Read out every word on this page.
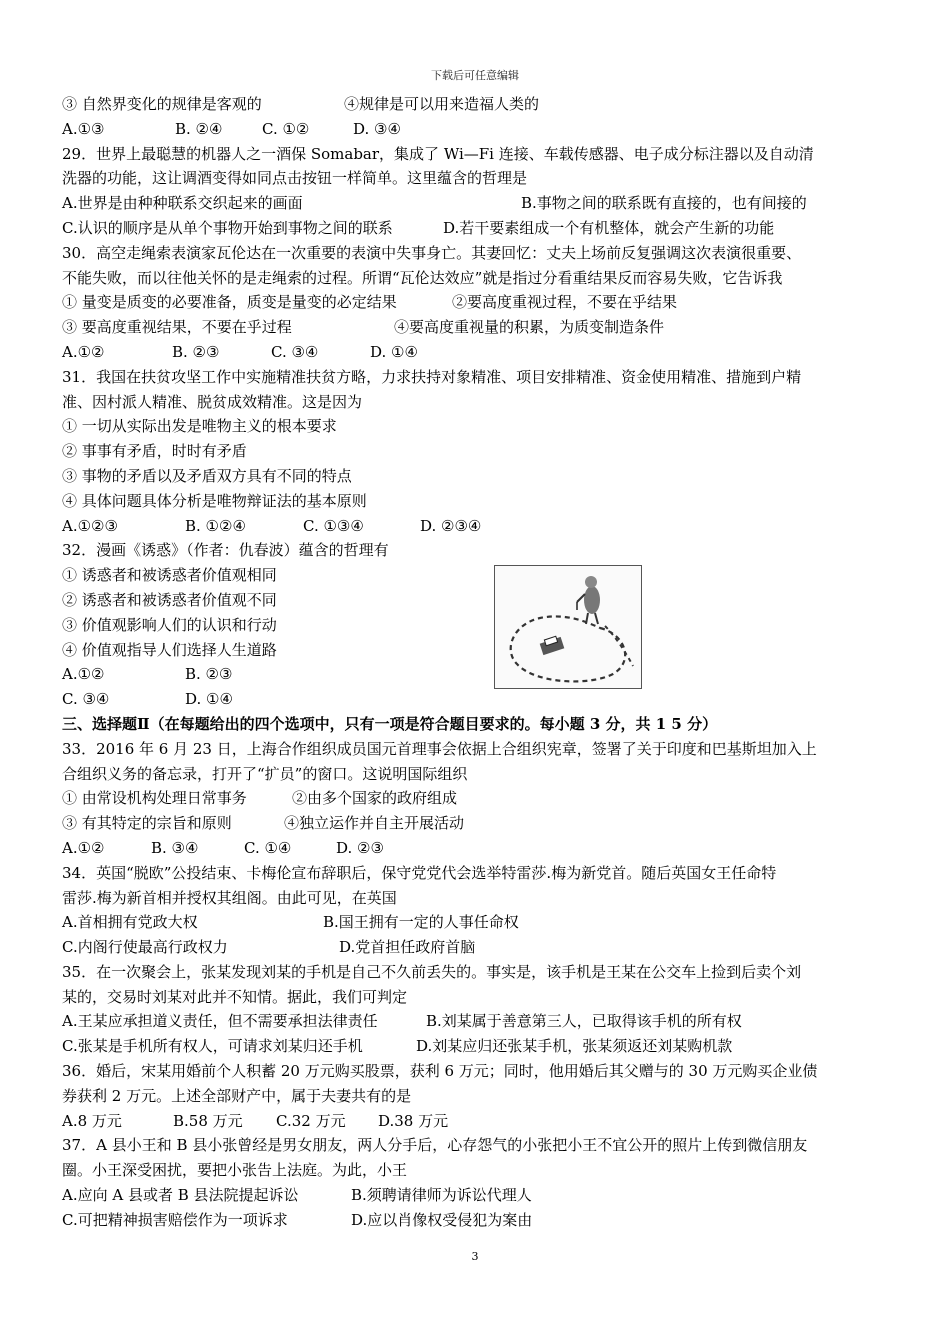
下载后可任意编辑
③ 自然界变化的规律是客观的	④规律是可以用来造福人类的
A.①③	B. ②④	C. ①②	D. ③④
29．世界上最聪慧的机器人之一酒保 Somabar，集成了 Wi—Fi 连接、车载传感器、电子成分标注器以及自动清
洗器的功能，这让调酒变得如同点击按钮一样简单。这里蕴含的哲理是
A.世界是由种种联系交织起来的画面	B.事物之间的联系既有直接的，也有间接的
C.认识的顺序是从单个事物开始到事物之间的联系	D.若干要素组成一个有机整体，就会产生新的功能
30．高空走绳索表演家瓦伦达在一次重要的表演中失事身亡。其妻回忆：丈夫上场前反复强调这次表演很重要、
不能失败，而以往他关怀的是走绳索的过程。所谓“瓦伦达效应”就是指过分看重结果反而容易失败，它告诉我
① 量变是质变的必要准备，质变是量变的必定结果	②要高度重视过程，不要在乎结果
③ 要高度重视结果，不要在乎过程	④要高度重视量的积累，为质变制造条件
A.①②	B. ②③	C. ③④	D. ①④
31．我国在扶贫攻坚工作中实施精准扶贫方略，力求扶持对象精准、项目安排精准、资金使用精准、措施到户精
准、因村派人精准、脱贫成效精准。这是因为
① 一切从实际出发是唯物主义的根本要求
② 事事有矛盾，时时有矛盾
③ 事物的矛盾以及矛盾双方具有不同的特点
④ 具体问题具体分析是唯物辩证法的基本原则
A.①②③	B. ①②④	C. ①③④	D. ②③④
32．漫画《诱惑》（作者：仇春波）蕴含的哲理有
① 诱惑者和被诱惑者价值观相同
② 诱惑者和被诱惑者价值观不同
③ 价值观影响人们的认识和行动
④ 价值观指导人们选择人生道路
A.①②	B. ②③
C. ③④	D. ①④
三、选择题Ⅱ（在每题给出的四个选项中，只有一项是符合题目要求的。每小题 3 分，共 1 5 分）
33．2016 年 6 月 23 日，上海合作组织成员国元首理事会依据上合组织宪章，签署了关于印度和巴基斯坦加入上
合组织义务的备忘录，打开了“扩员”的窗口。这说明国际组织
① 由常设机构处理日常事务	②由多个国家的政府组成
③ 有其特定的宗旨和原则	④独立运作并自主开展活动
A.①②	B. ③④	C. ①④	D. ②③
34．英国“脱欧”公投结束、卡梅伦宣布辞职后，保守党党代会选举特雷莎.梅为新党首。随后英国女王任命特
雷莎.梅为新首相并授权其组阁。由此可见，在英国
A.首相拥有党政大权	B.国王拥有一定的人事任命权
C.内阁行使最高行政权力	D.党首担任政府首脑
35．在一次聚会上，张某发现刘某的手机是自己不久前丢失的。事实是，该手机是王某在公交车上捡到后卖个刘
某的，交易时刘某对此并不知情。据此，我们可判定
A.王某应承担道义责任，但不需要承担法律责任	B.刘某属于善意第三人，已取得该手机的所有权
C.张某是手机所有权人，可请求刘某归还手机	D.刘某应归还张某手机，张某须返还刘某购机款
36．婚后，宋某用婚前个人积蓄 20 万元购买股票，获利 6 万元；同时，他用婚后其父赠与的 30 万元购买企业债
券获利 2 万元。上述全部财产中，属于夫妻共有的是
A.8 万元	B.58 万元 C.32 万元 D.38 万元
37．A 县小王和 B 县小张曾经是男女朋友，两人分手后，心存怨气的小张把小王不宜公开的照片上传到微信朋友
圈。小王深受困扰，要把小张告上法庭。为此，小王
A.应向 A 县或者 B 县法院提起诉讼	B.须聘请律师为诉讼代理人
C.可把精神损害赔偿作为一项诉求	D.应以肖像权受侵犯为案由
3
